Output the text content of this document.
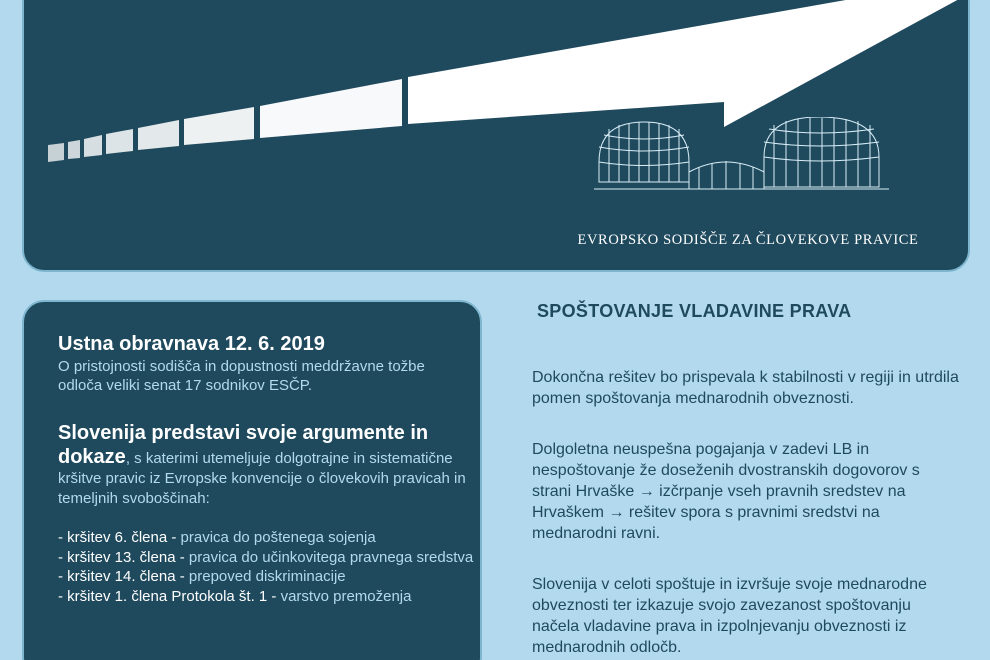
EVROPSKO SODIŠČE ZA ČLOVEKOVE PRAVICE
Ustna obravnava 12. 6. 2019
O pristojnosti sodišča in dopustnosti meddržavne tožbe odloča veliki senat 17 sodnikov ESČP.
Slovenija predstavi svoje argumente in dokaze, s katerimi utemeljuje dolgotrajne in sistematične kršitve pravic iz Evropske konvencije o človekovih pravicah in temeljnih svoboščinah:
- kršitev 6. člena - pravica do poštenega sojenja
- kršitev 13. člena - pravica do učinkovitega pravnega sredstva
- kršitev 14. člena - prepoved diskriminacije
- kršitev 1. člena Protokola št. 1 - varstvo premoženja
SPOŠTOVANJE VLADAVINE PRAVA
Dokončna rešitev bo prispevala k stabilnosti v regiji in utrdila pomen spoštovanja mednarodnih obveznosti.
Dolgoletna neuspešna pogajanja v zadevi LB in nespoštovanje že doseženih dvostranskih dogovorov s strani Hrvaške → izčrpanje vseh pravnih sredstev na Hrvaškem → rešitev spora s pravnimi sredstvi na mednarodni ravni.
Slovenija v celoti spoštuje in izvršuje svoje mednarodne obveznosti ter izkazuje svojo zavezanost spoštovanju načela vladavine prava in izpolnjevanju obveznosti iz mednarodnih odločb.
